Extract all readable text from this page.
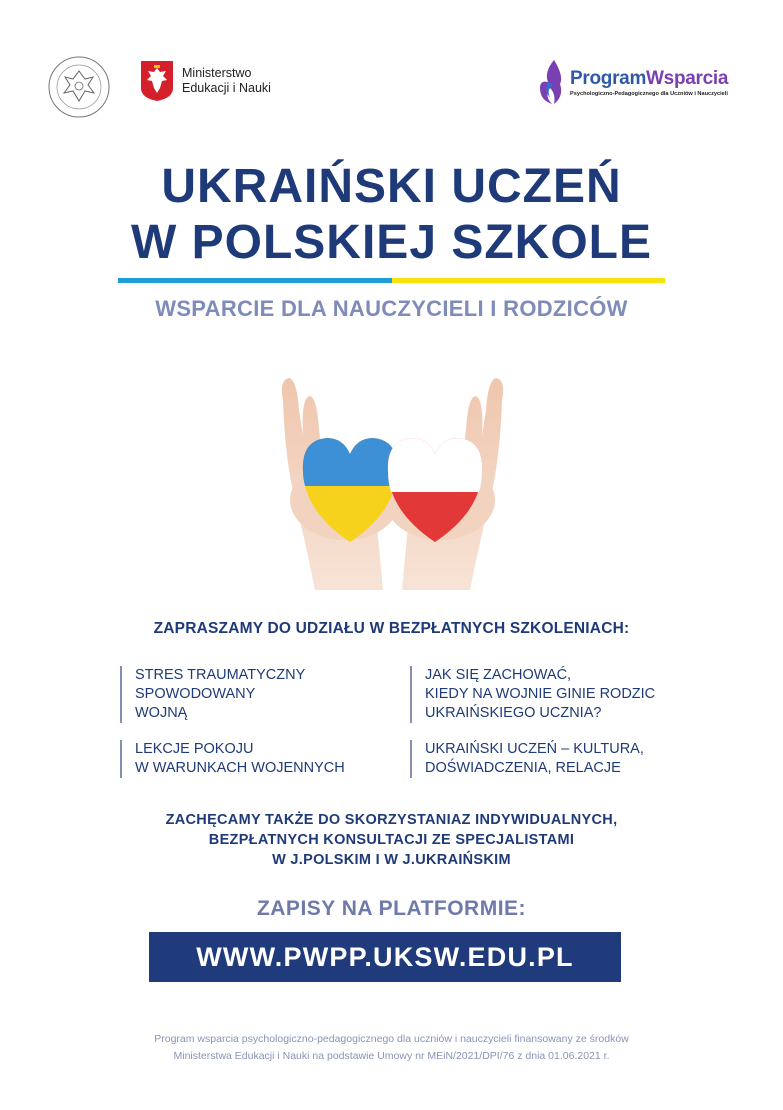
Ministerstwo
Edukacji i Nauki	ProgramWsparcia
Psychologiczno-Pedagogicznego dla Uczniów i Nauczycieli
UKRAIŃSKI UCZEŃ
W POLSKIEJ SZKOLE
WSPARCIE DLA NAUCZYCIELI I RODZICÓW
ZAPRASZAMY DO UDZIAŁU W BEZPŁATNYCH SZKOLENIACH:
STRES TRAUMATYCZNY
SPOWODOWANY
WOJNĄ
JAK SIĘ ZACHOWAĆ,
KIEDY NA WOJNIE GINIE RODZIC
UKRAIŃSKIEGO UCZNIA?
LEKCJE POKOJU
W WARUNKACH WOJENNYCH
UKRAIŃSKI UCZEŃ – KULTURA,
DOŚWIADCZENIA, RELACJE
ZACHĘCAMY TAKŻE DO SKORZYSTANIAZ INDYWIDUALNYCH,
BEZPŁATNYCH KONSULTACJI ZE SPECJALISTAMI
W J.POLSKIM I W J.UKRAIŃSKIM
ZAPISY NA PLATFORMIE:
WWW.PWPP.UKSW.EDU.PL
Program wsparcia psychologiczno-pedagogicznego dla uczniów i nauczycieli finansowany ze środków
Ministerstwa Edukacji i Nauki na podstawie Umowy nr MEiN/2021/DPI/76 z dnia 01.06.2021 r.
